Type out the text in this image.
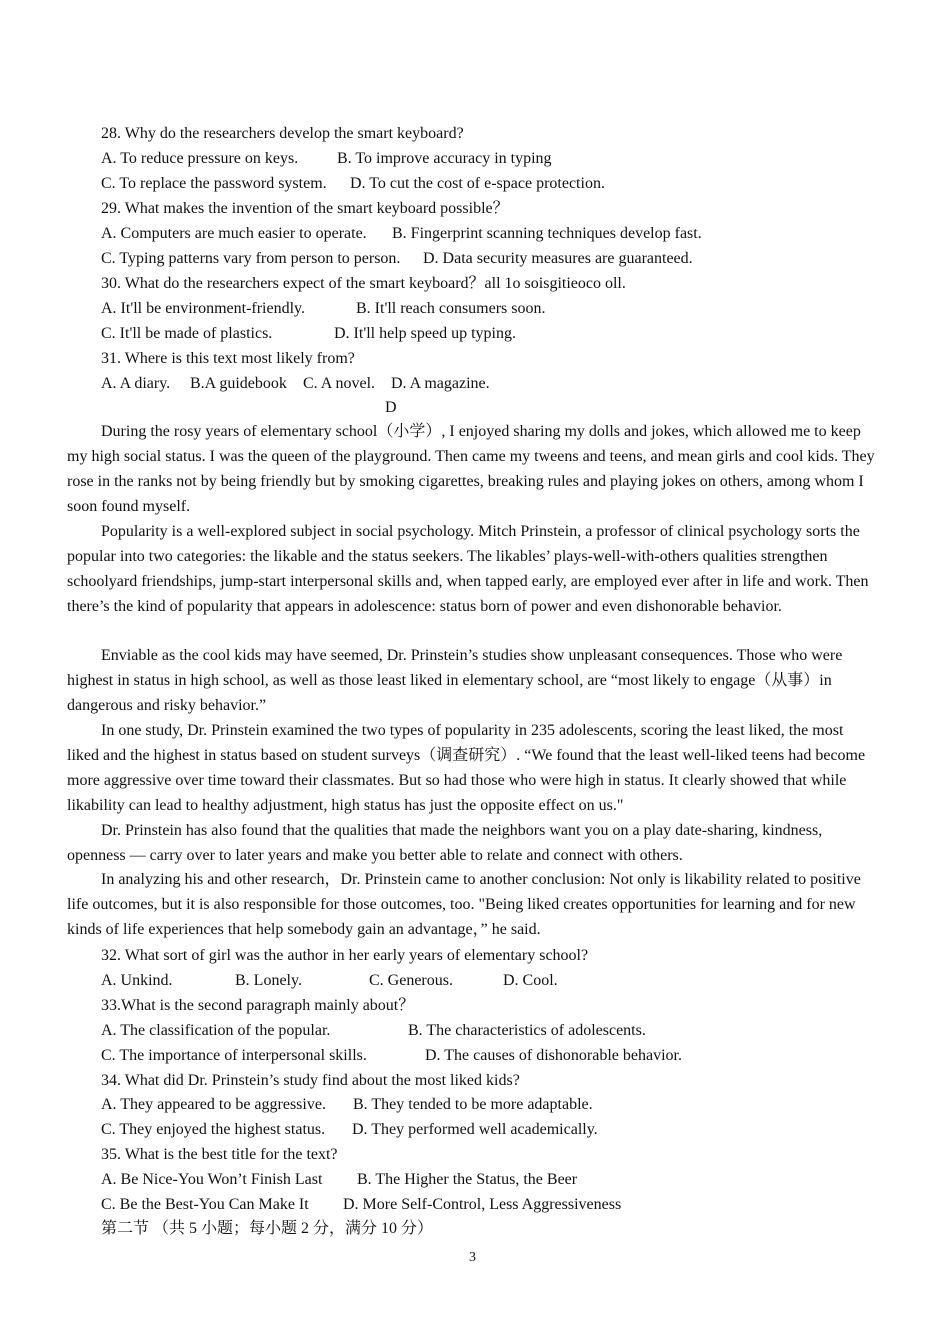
28. Why do the researchers develop the smart keyboard?
A. To reduce pressure on keys. B. To improve accuracy in typing
C. To replace the password system. D. To cut the cost of e-space protection.
29. What makes the invention of the smart keyboard possible？
A. Computers are much easier to operate. B. Fingerprint scanning techniques develop fast.
C. Typing patterns vary from person to person. D. Data security measures are guaranteed.
30. What do the researchers expect of the smart keyboard？all 1o soisgitieoco oll.
A. It'll be environment-friendly.	B. It'll reach consumers soon.
C. It'll be made of plastics.	D. It'll help speed up typing.
31. Where is this text most likely from?
A. A diary. B.A guidebook C. A novel. D. A magazine.
D
During the rosy years of elementary school（小学）, I enjoyed sharing my dolls and jokes, which allowed me to keep my high social status. I was the queen of the playground. Then came my tweens and teens, and mean girls and cool kids. They rose in the ranks not by being friendly but by smoking cigarettes, breaking rules and playing jokes on others, among whom I soon found myself.
Popularity is a well-explored subject in social psychology. Mitch Prinstein, a professor of clinical psychology sorts the popular into two categories: the likable and the status seekers. The likables’ plays-well-with-others qualities strengthen schoolyard friendships, jump-start interpersonal skills and, when tapped early, are employed ever after in life and work. Then there’s the kind of popularity that appears in adolescence: status born of power and even dishonorable behavior.
Enviable as the cool kids may have seemed, Dr. Prinstein’s studies show unpleasant consequences. Those who were highest in status in high school, as well as those least liked in elementary school, are “most likely to engage（从事）in dangerous and risky behavior.”
In one study, Dr. Prinstein examined the two types of popularity in 235 adolescents, scoring the least liked, the most liked and the highest in status based on student surveys（调查研究）. “We found that the least well-liked teens had become more aggressive over time toward their classmates. But so had those who were high in status. It clearly showed that while likability can lead to healthy adjustment, high status has just the opposite effect on us."
Dr. Prinstein has also found that the qualities that made the neighbors want you on a play date-sharing, kindness, openness — carry over to later years and make you better able to relate and connect with others.
In analyzing his and other research，Dr. Prinstein came to another conclusion: Not only is likability related to positive life outcomes, but it is also responsible for those outcomes, too. "Being liked creates opportunities for learning and for new kinds of life experiences that help somebody gain an advantage，” he said.
32. What sort of girl was the author in her early years of elementary school?
A. Unkind.	B. Lonely.	C. Generous.	D. Cool.
33.What is the second paragraph mainly about？
A. The classification of the popular.	B. The characteristics of adolescents.
C. The importance of interpersonal skills.	D. The causes of dishonorable behavior.
34. What did Dr. Prinstein’s study find about the most liked kids?
A. They appeared to be aggressive. B. They tended to be more adaptable.
C. They enjoyed the highest status. D. They performed well academically.
35. What is the best title for the text?
A. Be Nice-You Won’t Finish Last B. The Higher the Status, the Beer
C. Be the Best-You Can Make It D. More Self-Control, Less Aggressiveness
第二节 （共 5 小题；每小题 2 分，满分 10 分）
3
